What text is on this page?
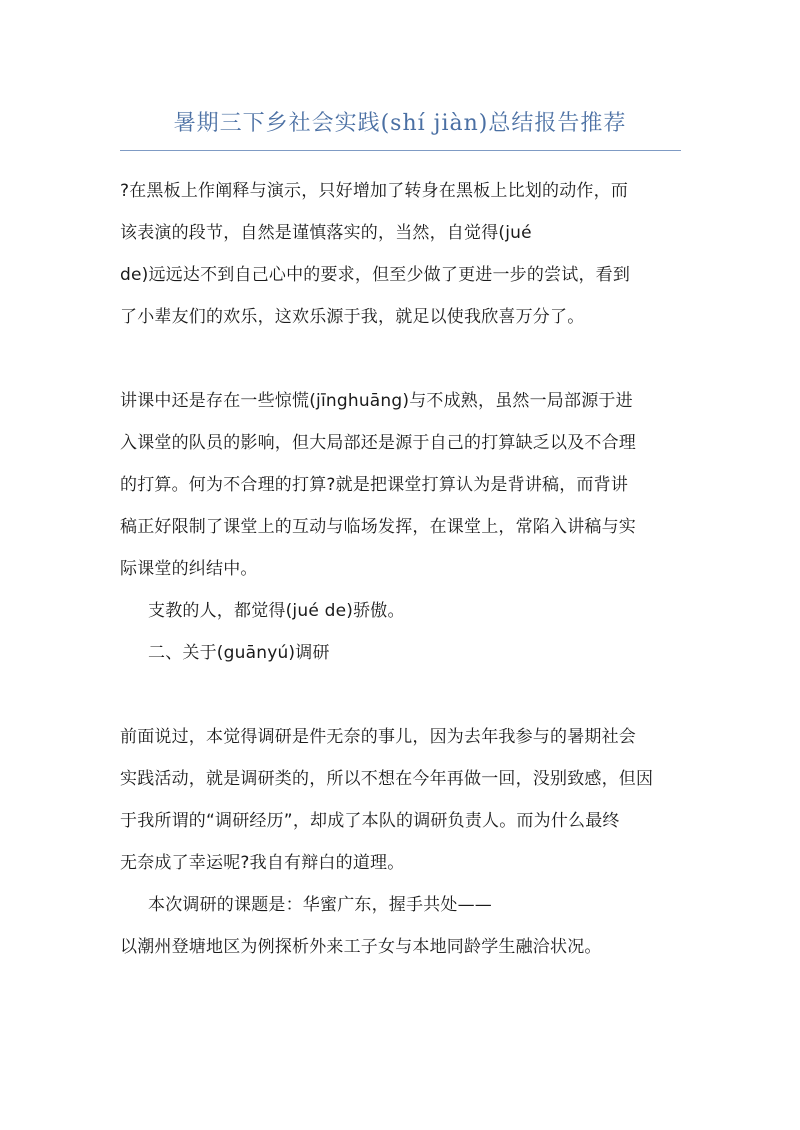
暑期三下乡社会实践(shí jiàn)总结报告推荐
?在黑板上作阐释与演示，只好增加了转身在黑板上比划的动作，而
该表演的段节，自然是谨慎落实的，当然，自觉得(jué
de)远远达不到自己心中的要求，但至少做了更进一步的尝试，看到
了小辈友们的欢乐，这欢乐源于我，就足以使我欣喜万分了。
讲课中还是存在一些惊慌(jīnghuāng)与不成熟，虽然一局部源于进
入课堂的队员的影响，但大局部还是源于自己的打算缺乏以及不合理
的打算。何为不合理的打算?就是把课堂打算认为是背讲稿，而背讲
稿正好限制了课堂上的互动与临场发挥，在课堂上，常陷入讲稿与实
际课堂的纠结中。
支教的人，都觉得(jué de)骄傲。
二、关于(guānyú)调研
前面说过，本觉得调研是件无奈的事儿，因为去年我参与的暑期社会
实践活动，就是调研类的，所以不想在今年再做一回，没别致感，但因
于我所谓的“调研经历”，却成了本队的调研负责人。而为什么最终
无奈成了幸运呢?我自有辩白的道理。
本次调研的课题是：华蜜广东，握手共处——
以潮州登塘地区为例探析外来工子女与本地同龄学生融洽状况。
